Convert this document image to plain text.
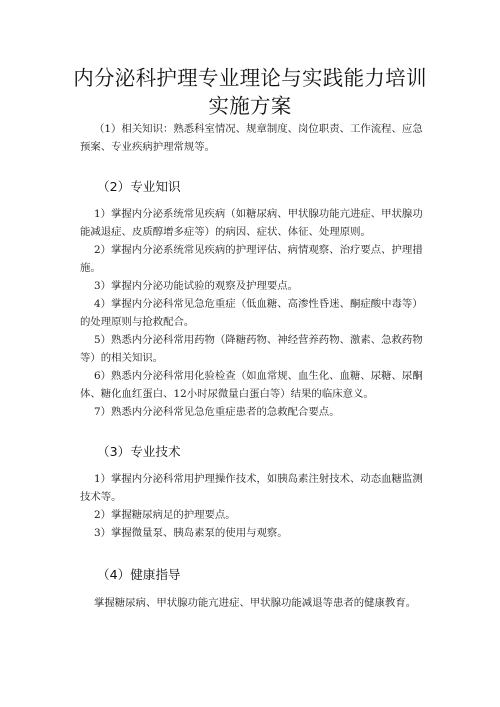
内分泌科护理专业理论与实践能力培训
实施方案
（1）相关知识：熟悉科室情况、规章制度、岗位职责、工作流程、应急预案、专业疾病护理常规等。
（2）专业知识
1）掌握内分泌系统常见疾病（如糖尿病、甲状腺功能亢进症、甲状腺功能减退症、皮质醇增多症等）的病因、症状、体征、处理原则。
2）掌握内分泌系统常见疾病的护理评估、病情观察、治疗要点、护理措施。
3）掌握内分泌功能试验的观察及护理要点。
4）掌握内分泌科常见急危重症（低血糖、高渗性昏迷、酮症酸中毒等）的处理原则与抢救配合。
5）熟悉内分泌科常用药物（降糖药物、神经营养药物、激素、急救药物等）的相关知识。
6）熟悉内分泌科常用化验检查（如血常规、血生化、血糖、尿糖、尿酮体、糖化血红蛋白、12小时尿微量白蛋白等）结果的临床意义。
7）熟悉内分泌科常见急危重症患者的急救配合要点。
（3）专业技术
1）掌握内分泌科常用护理操作技术，如胰岛素注射技术、动态血糖监测技术等。
2）掌握糖尿病足的护理要点。
3）掌握微量泵、胰岛素泵的使用与观察。
（4）健康指导
掌握糖尿病、甲状腺功能亢进症、甲状腺功能减退等患者的健康教育。
